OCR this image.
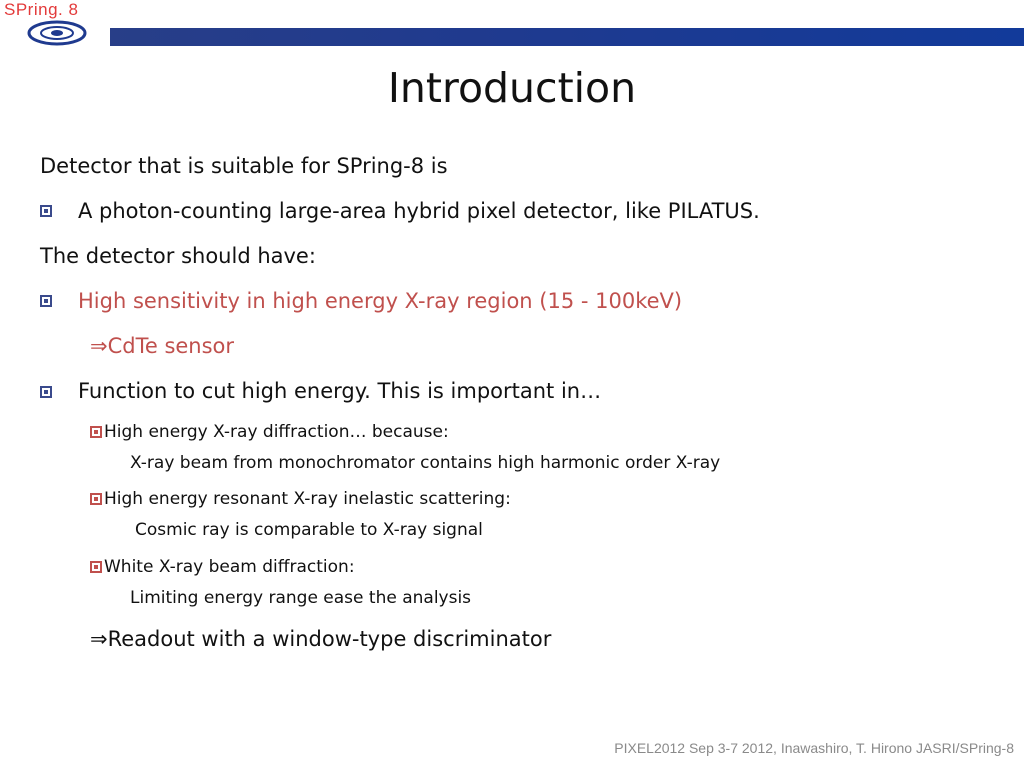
SPring. 8
Introduction
Detector that is suitable for SPring-8 is
A photon-counting large-area hybrid pixel detector, like PILATUS.
The detector should have:
High sensitivity in high energy X-ray region (15 - 100keV)
⇒CdTe sensor
Function to cut high energy. This is important in…
High energy X-ray diffraction… because:
X-ray beam from monochromator contains high harmonic order X-ray
High energy resonant X-ray inelastic scattering:
Cosmic ray is comparable to X-ray signal
White X-ray beam diffraction:
Limiting energy range ease the analysis
⇒Readout with a window-type discriminator
PIXEL2012 Sep 3-7 2012, Inawashiro, T. Hirono JASRI/SPring-8
